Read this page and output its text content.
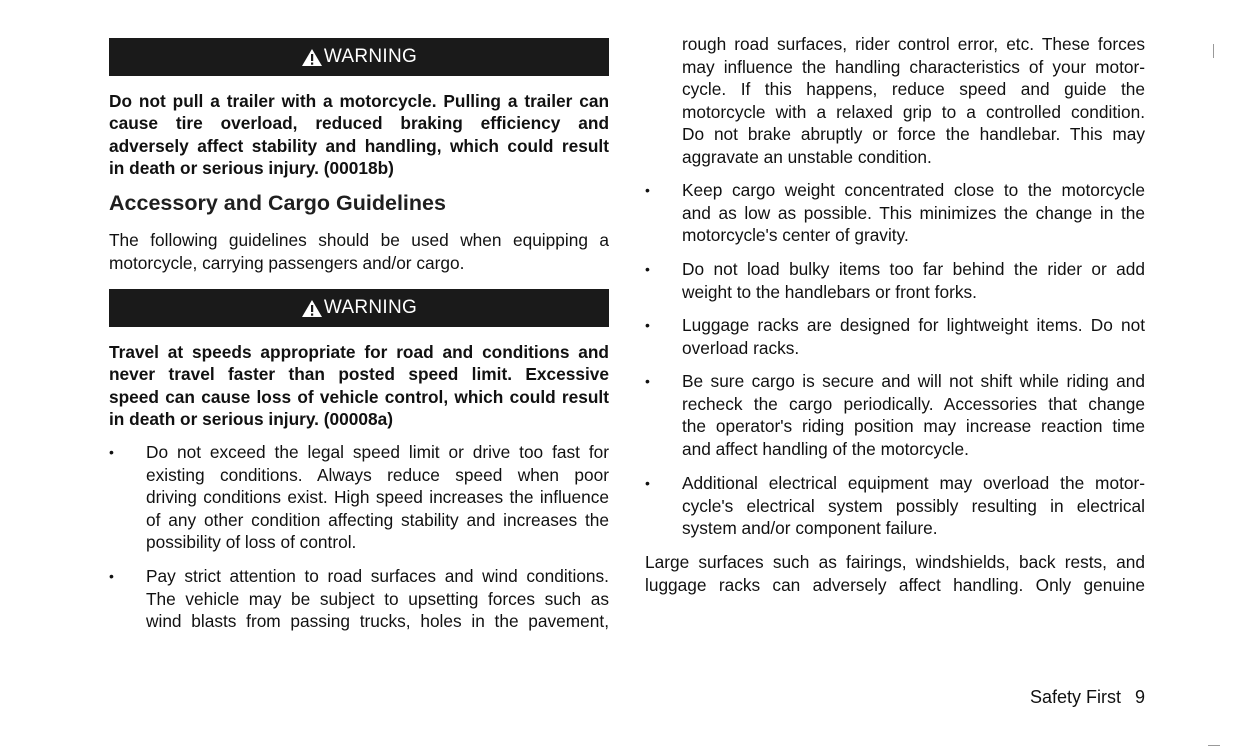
WARNING

Do not pull a trailer with a motorcycle. Pulling a trailer can
cause tire overload, reduced braking efficiency and
adversely affect stability and handling, which could result
in death or serious injury. (00018b)

Accessory and Cargo Guidelines

The following guidelines should be used when equipping a
motorcycle, carrying passengers and/or cargo.

WARNING

Travel at speeds appropriate for road and conditions and
never travel faster than posted speed limit. Excessive
speed can cause loss of vehicle control, which could result
in death or serious injury. (00008a)

• Do not exceed the legal speed limit or drive too fast for
existing conditions. Always reduce speed when poor
driving conditions exist. High speed increases the influence
of any other condition affecting stability and increases the
possibility of loss of control.
• Pay strict attention to road surfaces and wind conditions.
The vehicle may be subject to upsetting forces such as
wind blasts from passing trucks, holes in the pavement,
rough road surfaces, rider control error, etc. These forces
may influence the handling characteristics of your motor-
cycle. If this happens, reduce speed and guide the
motorcycle with a relaxed grip to a controlled condition.
Do not brake abruptly or force the handlebar. This may
aggravate an unstable condition.
• Keep cargo weight concentrated close to the motorcycle
and as low as possible. This minimizes the change in the
motorcycle's center of gravity.
• Do not load bulky items too far behind the rider or add
weight to the handlebars or front forks.
• Luggage racks are designed for lightweight items. Do not
overload racks.
• Be sure cargo is secure and will not shift while riding and
recheck the cargo periodically. Accessories that change
the operator's riding position may increase reaction time
and affect handling of the motorcycle.
• Additional electrical equipment may overload the motor-
cycle's electrical system possibly resulting in electrical
system and/or component failure.

Large surfaces such as fairings, windshields, back rests, and
luggage racks can adversely affect handling. Only genuine

Safety First 9
